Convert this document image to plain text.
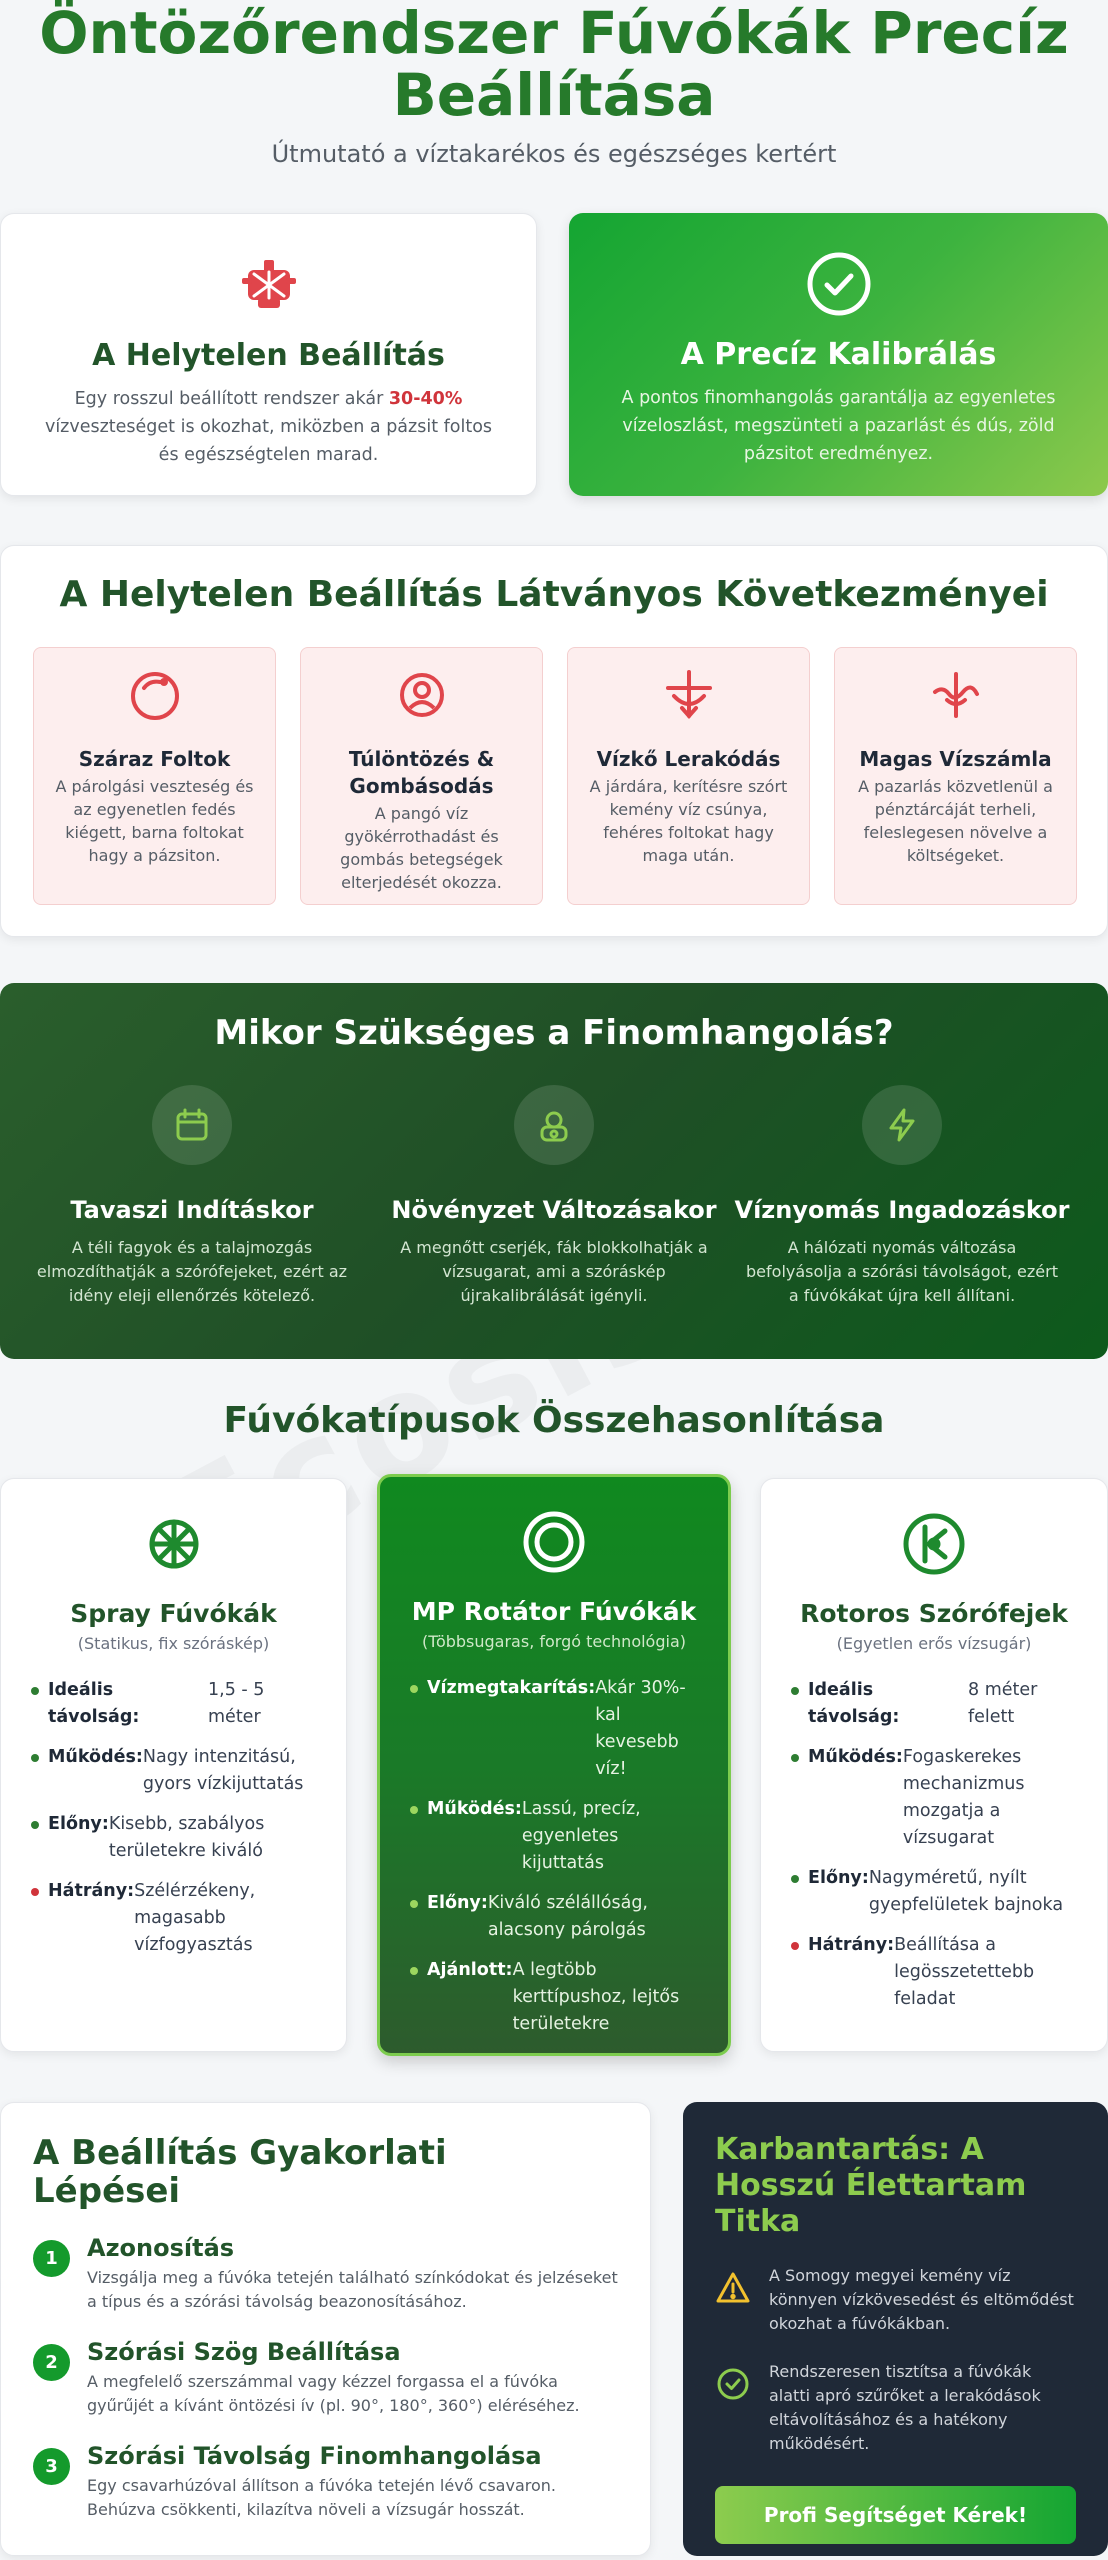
Öntözőrendszer Fúvókák Precíz Beállítása
Útmutató a víztakarékos és egészséges kertért
A Helytelen Beállítás

Egy rosszul beállított rendszer akár 30-40% vízveszteséget is okozhat, miközben a pázsit foltos és egészségtelen marad.

A Precíz Kalibrálás

A pontos finomhangolás garantálja az egyenletes vízeloszlást, megszünteti a pazarlást és dús, zöld pázsitot eredményez.

A Helytelen Beállítás Látványos Következményei
Száraz Foltok

A párolgási veszteség és az egyenetlen fedés kiégett, barna foltokat hagy a pázsiton.

Túlöntözés & Gombásodás

A pangó víz gyökérrothadást és gombás betegségek elterjedését okozza.

Vízkő Lerakódás

A járdára, kerítésre szórt kemény víz csúnya, fehéres foltokat hagy maga után.

Magas Vízszámla

A pazarlás közvetlenül a pénztárcáját terheli, feleslegesen növelve a költségeket.

Mikor Szükséges a Finomhangolás?
Tavaszi Indításkor

A téli fagyok és a talajmozgás elmozdíthatják a szórófejeket, ezért az idény eleji ellenőrzés kötelező.

Növényzet Változásakor

A megnőtt cserjék, fák blokkolhatják a vízsugarat, ami a szóráskép újrakalibrálását igényli.

Víznyomás Ingadozáskor

A hálózati nyomás változása befolyásolja a szórási távolságot, ezért a fúvókákat újra kell állítani.

Fúvókatípusok Összehasonlítása
Spray Fúvókák
(Statikus, fix szóráskép)
Ideális távolság:
1,5 - 5 méter
Működés: Nagy intenzitású, gyors vízkijuttatás
Előny: Kisebb, szabályos területekre kiváló
Hátrány: Szélérzékeny, magasabb vízfogyasztás
MP Rotátor Fúvókák
(Többsugaras, forgó technológia)
Vízmegtakarítás: Akár 30%-kal kevesebb víz!
Működés: Lassú, precíz, egyenletes kijuttatás
Előny: Kiváló szélállóság, alacsony párolgás
Ajánlott: A legtöbb kerttípushoz, lejtős területekre
Rotoros Szórófejek
(Egyetlen erős vízsugár)
Ideális távolság:
8 méter felett
Működés: Fogaskerekes mechanizmus mozgatja a vízsugarat
Előny: Nagyméretű, nyílt gyepfelületek bajnoka
Hátrány: Beállítása a legösszetettebb feladat
A Beállítás Gyakorlati Lépései
1	Azonosítás

Vizsgálja meg a fúvóka tetején található színkódokat és jelzéseket a típus és a szórási távolság beazonosításához.

2	Szórási Szög Beállítása

A megfelelő szerszámmal vagy kézzel forgassa el a fúvóka gyűrűjét a kívánt öntözési ív (pl. 90°, 180°, 360°) eléréséhez.

3	Szórási Távolság Finomhangolása

Egy csavarhúzóval állítson a fúvóka tetején lévő csavaron. Behúzva csökkenti, kilazítva növeli a vízsugár hosszát.

Karbantartás: A Hosszú Élettartam Titka

A Somogy megyei kemény víz könnyen vízkövesedést és eltömődést okozhat a fúvókákban.

Rendszeresen tisztítsa a fúvókák alatti apró szűrőket a lerakódások eltávolításához és a hatékony működésért.

Profi Segítséget Kérek!
